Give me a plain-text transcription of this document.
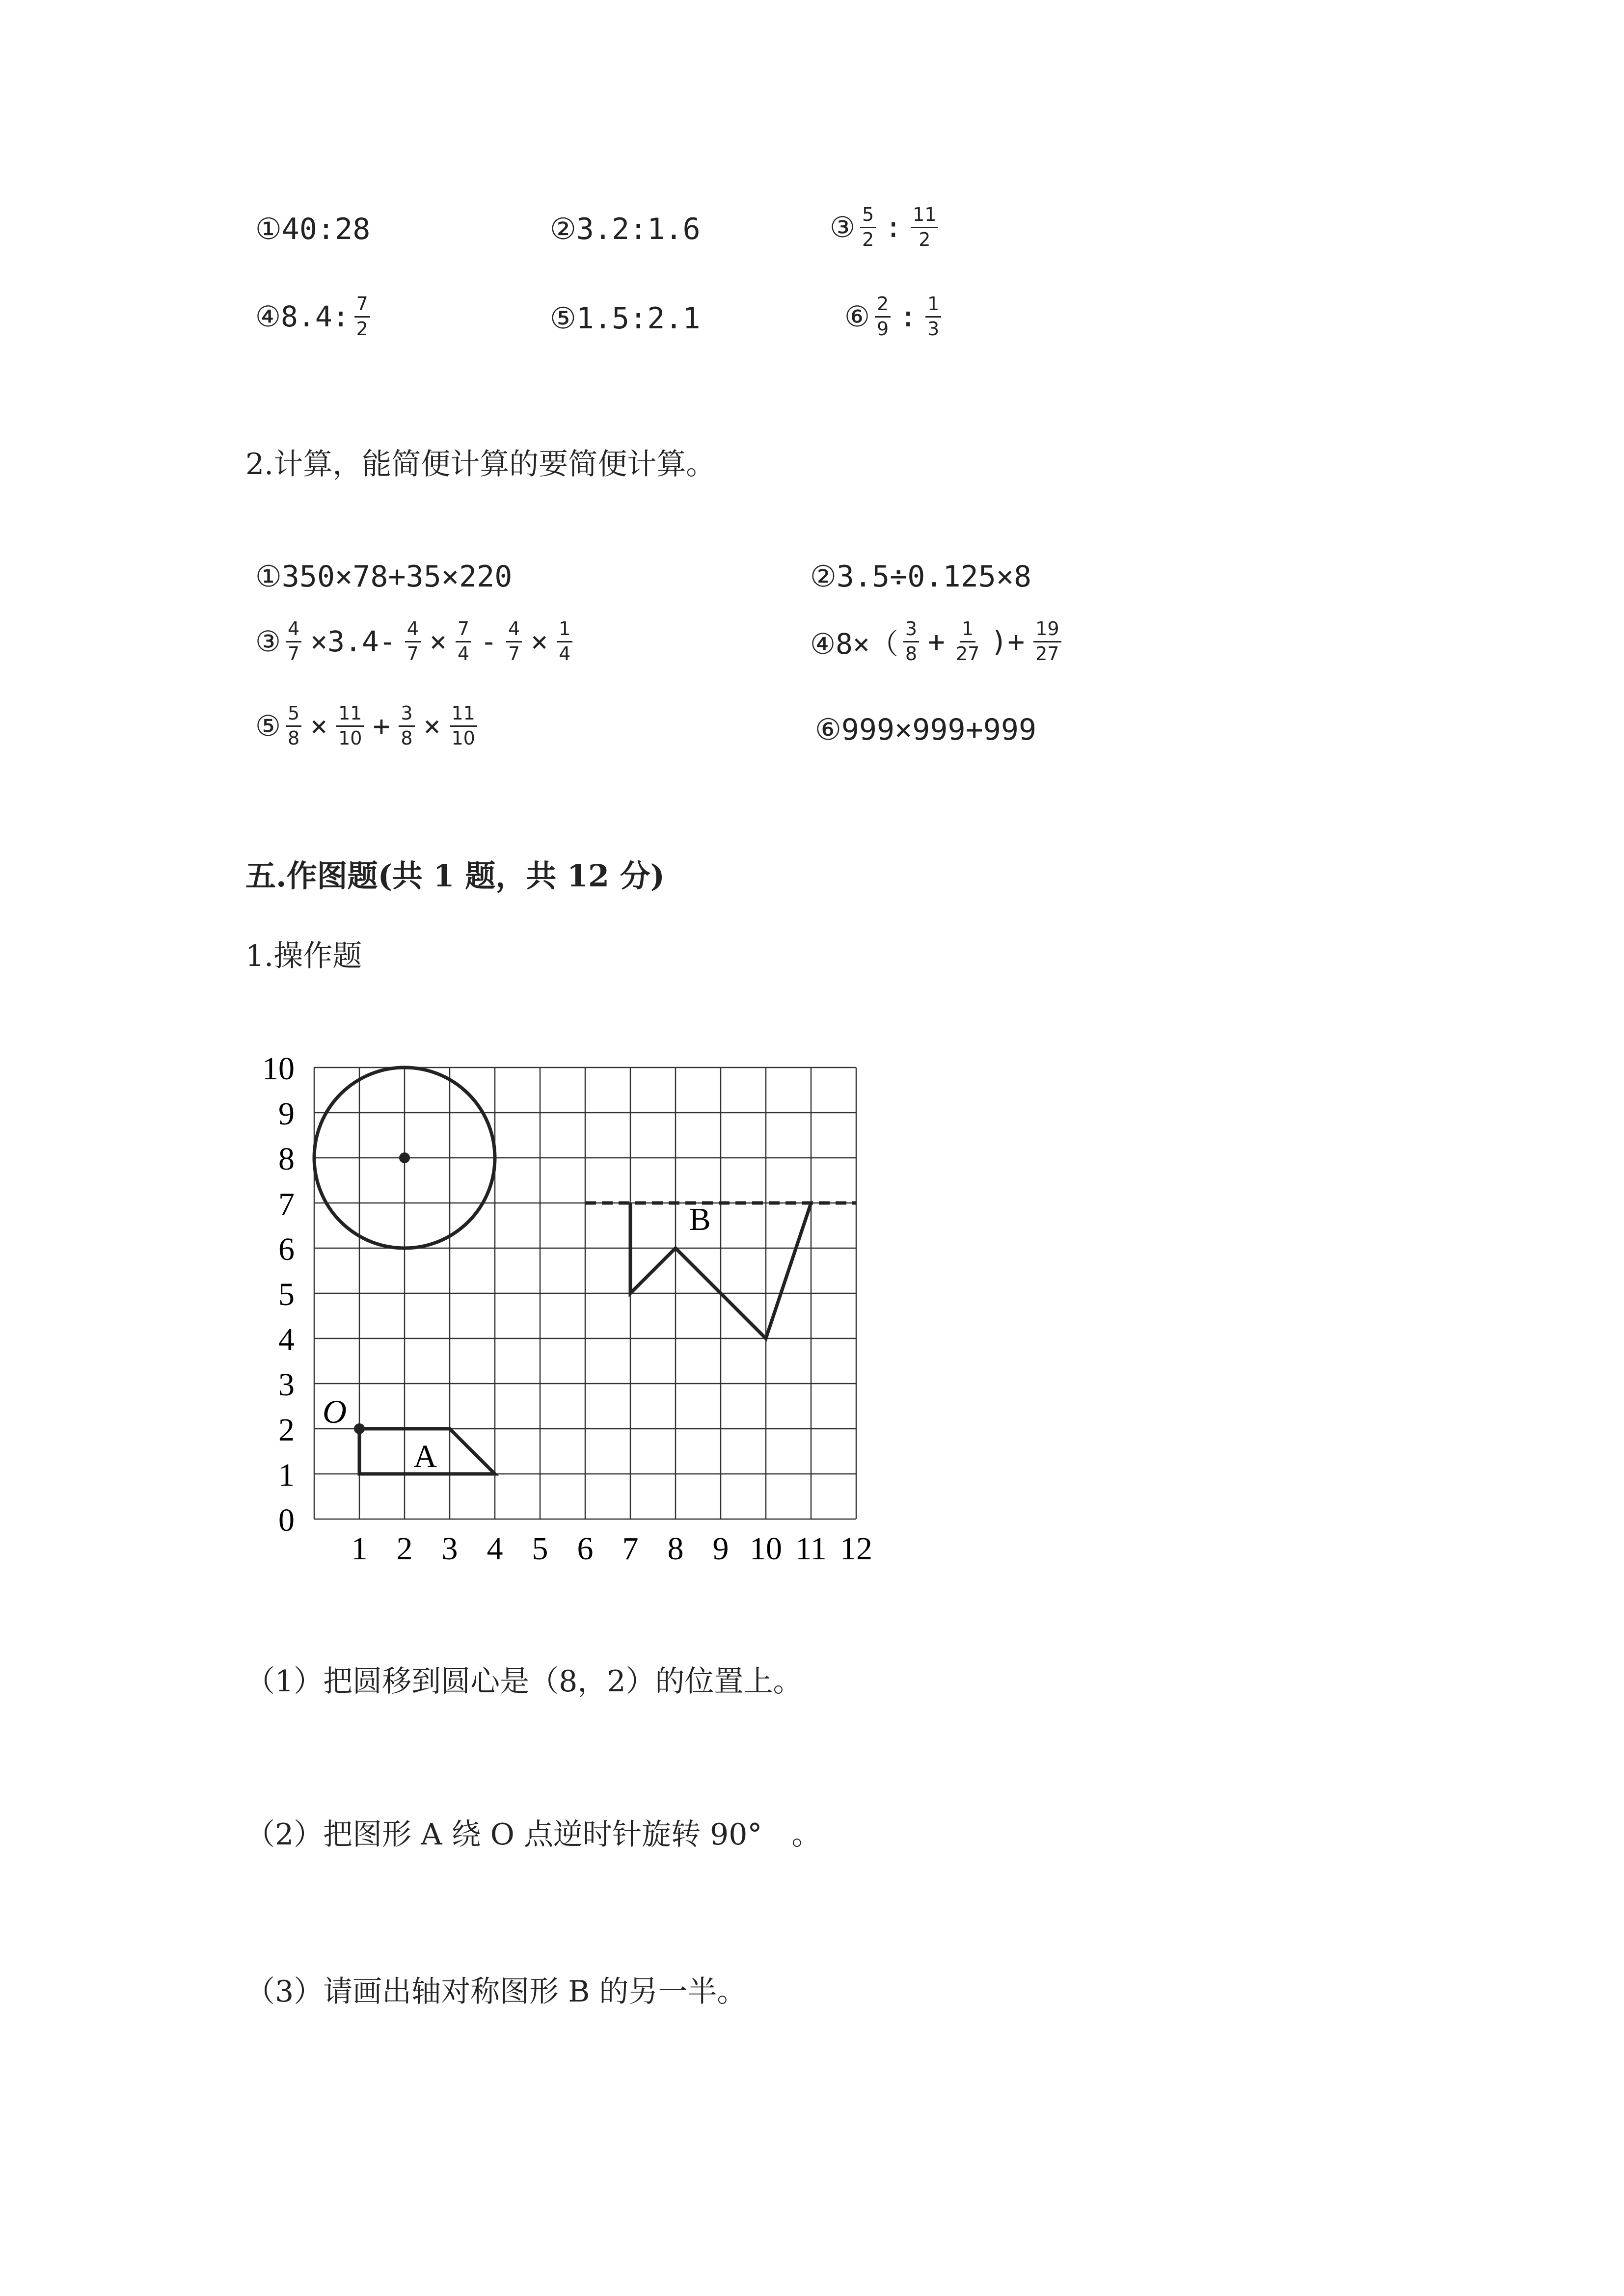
①40:28	②3.2:1.6	③ $\frac{5}{2}$ : $\frac{11}{2}$
④8.4: $\frac{7}{2}$	⑤1.5:2.1	⑥ $\frac{2}{9}$ : $\frac{1}{3}$
2.计算，能简便计算的要简便计算。
①350×78+35×220	②3.5÷0.125×8
③ $\frac{4}{7} \times 3.4- \frac{4}{7} \times \frac{7}{4} - \frac{4}{7} \times \frac{1}{4}$	④8×（ $\frac{3}{8} + \frac{1}{27}$ )+ $\frac{19}{27}$
⑤ $\frac{5}{8} \times \frac{11}{10} + \frac{3}{8} \times \frac{11}{10}$	⑥999×999+999
五.作图题(共 1 题，共 12 分)
1.操作题
A
O
B
1 2 3 4 5 6 7 8 9 10 11 12
0
1
2
3
4
5
6
7
8
9
10
（1）把圆移到圆心是（8，2）的位置上。
（2）把图形 A 绕 O 点逆时针旋转 90°　。
（3）请画出轴对称图形 B 的另一半。
